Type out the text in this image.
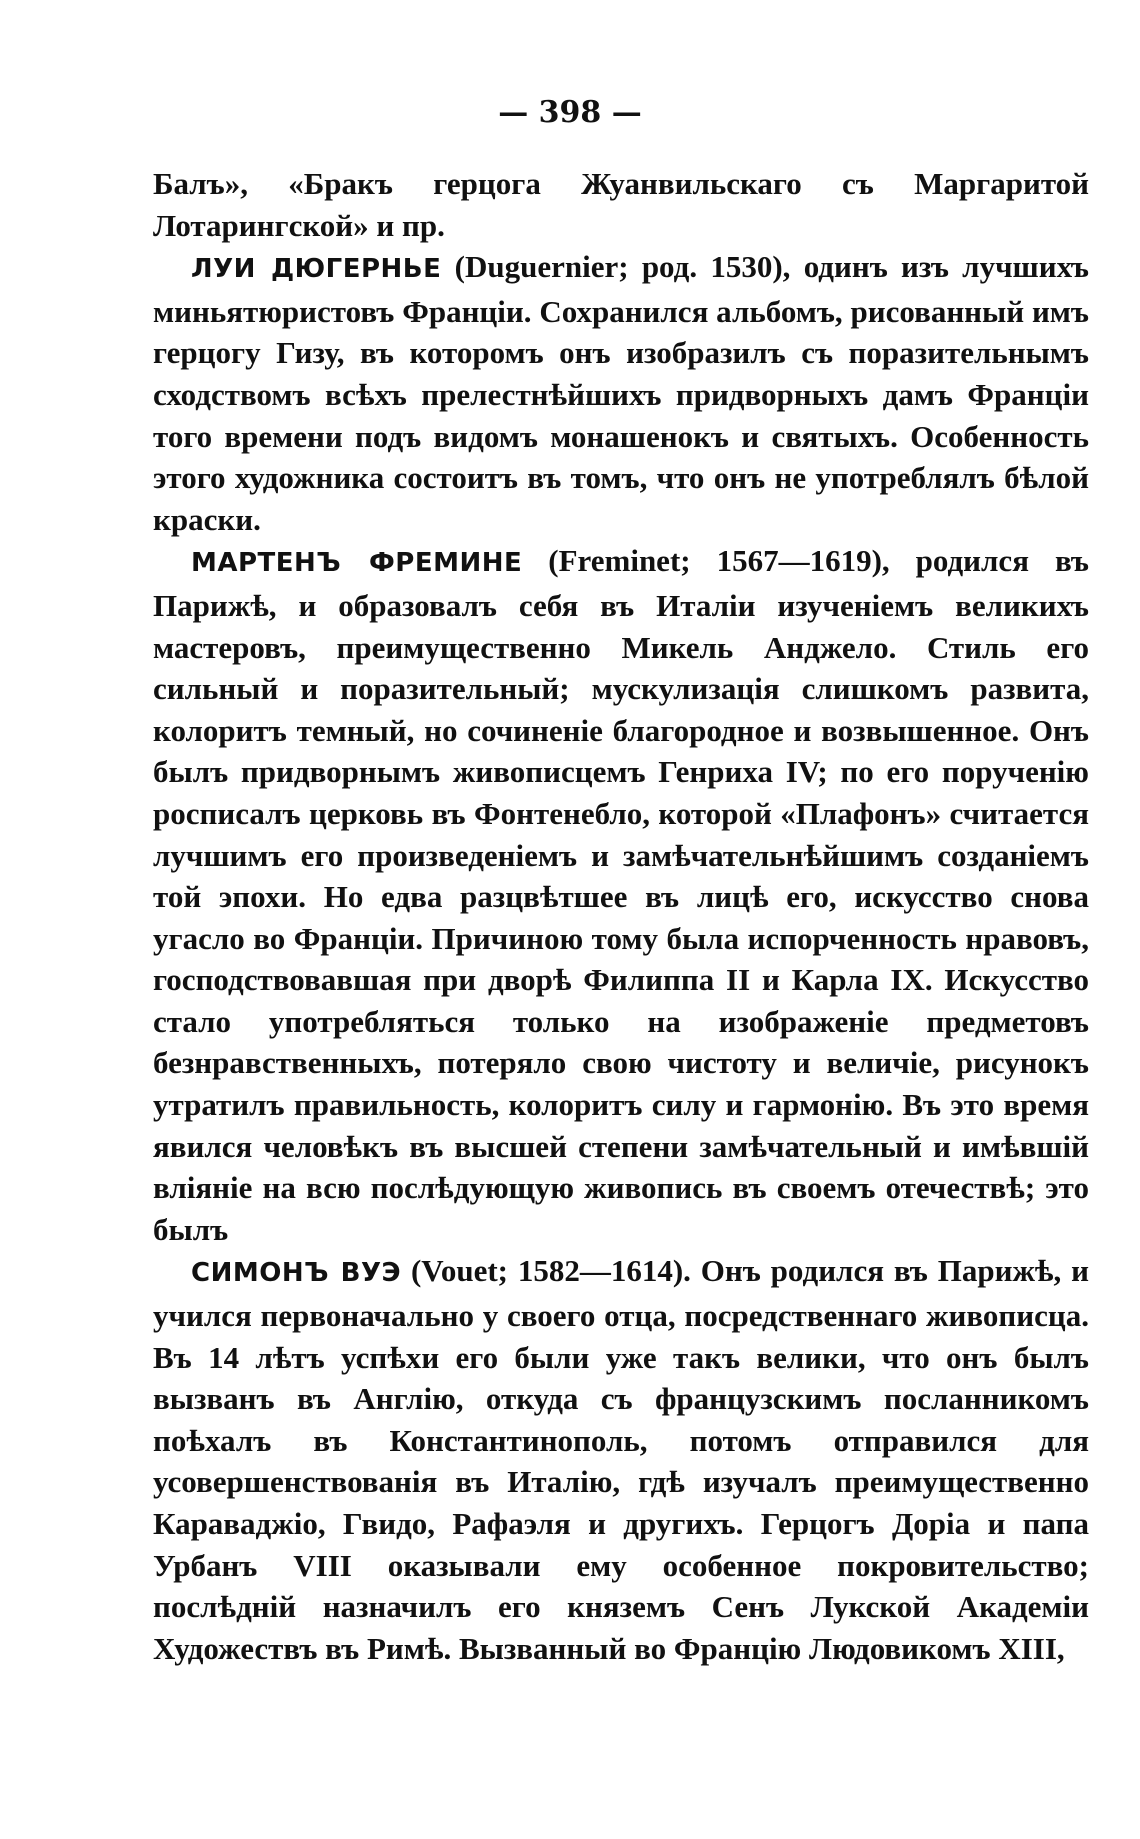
— 398 —

Балъ», «Бракъ герцога Жуанвильскаго съ Маргаритой Лотарингской» и пр.

ЛУИ ДЮГЕРНЬЕ (Duguernier; род. 1530), одинъ изъ лучшихъ миньятюристовъ Франціи. Сохранился альбомъ, рисованный имъ герцогу Гизу, въ которомъ онъ изобразилъ съ поразительнымъ сходствомъ всѣхъ прелестнѣйшихъ придворныхъ дамъ Франціи того времени подъ видомъ монашенокъ и святыхъ. Особенность этого художника состоитъ въ томъ, что онъ не употреблялъ бѣлой краски.

МАРТЕНЪ ФРЕМИНЕ (Freminet; 1567—1619), родился въ Парижѣ, и образовалъ себя въ Италіи изученіемъ великихъ мастеровъ, преимущественно Микель Анджело. Стиль его сильный и поразительный; мускулизація слишкомъ развита, колоритъ темный, но сочиненіе благородное и возвышенное. Онъ былъ придворнымъ живописцемъ Генриха IV; по его порученію росписалъ церковь въ Фонтенебло, которой «Плафонъ» считается лучшимъ его произведеніемъ и замѣчательнѣйшимъ созданіемъ той эпохи. Но едва разцвѣтшее въ лицѣ его, искусство снова угасло во Франціи. Причиною тому была испорченность нравовъ, господствовавшая при дворѣ Филиппа II и Карла IX. Искусство стало употребляться только на изображеніе предметовъ безнравственныхъ, потеряло свою чистоту и величіе, рисунокъ утратилъ правильность, колоритъ силу и гармонію. Въ это время явился человѣкъ въ высшей степени замѣчательный и имѣвшій вліяніе на всю послѣдующую живопись въ своемъ отечествѣ; это былъ

СИМОНЪ ВУЭ (Vouet; 1582—1614). Онъ родился въ Парижѣ, и учился первоначально у своего отца, посредственнаго живописца. Въ 14 лѣтъ успѣхи его были уже такъ велики, что онъ былъ вызванъ въ Англію, откуда съ французскимъ посланникомъ поѣхалъ въ Константинополь, потомъ отправился для усовершенствованія въ Италію, гдѣ изучалъ преимущественно Караваджіо, Гвидо, Рафаэля и другихъ. Герцогъ Доріа и папа Урбанъ VIII оказывали ему особенное покровительство; послѣдній назначилъ его княземъ Сенъ Лукской Академіи Художествъ въ Римѣ. Вызванный во Францію Людовикомъ XIII,
